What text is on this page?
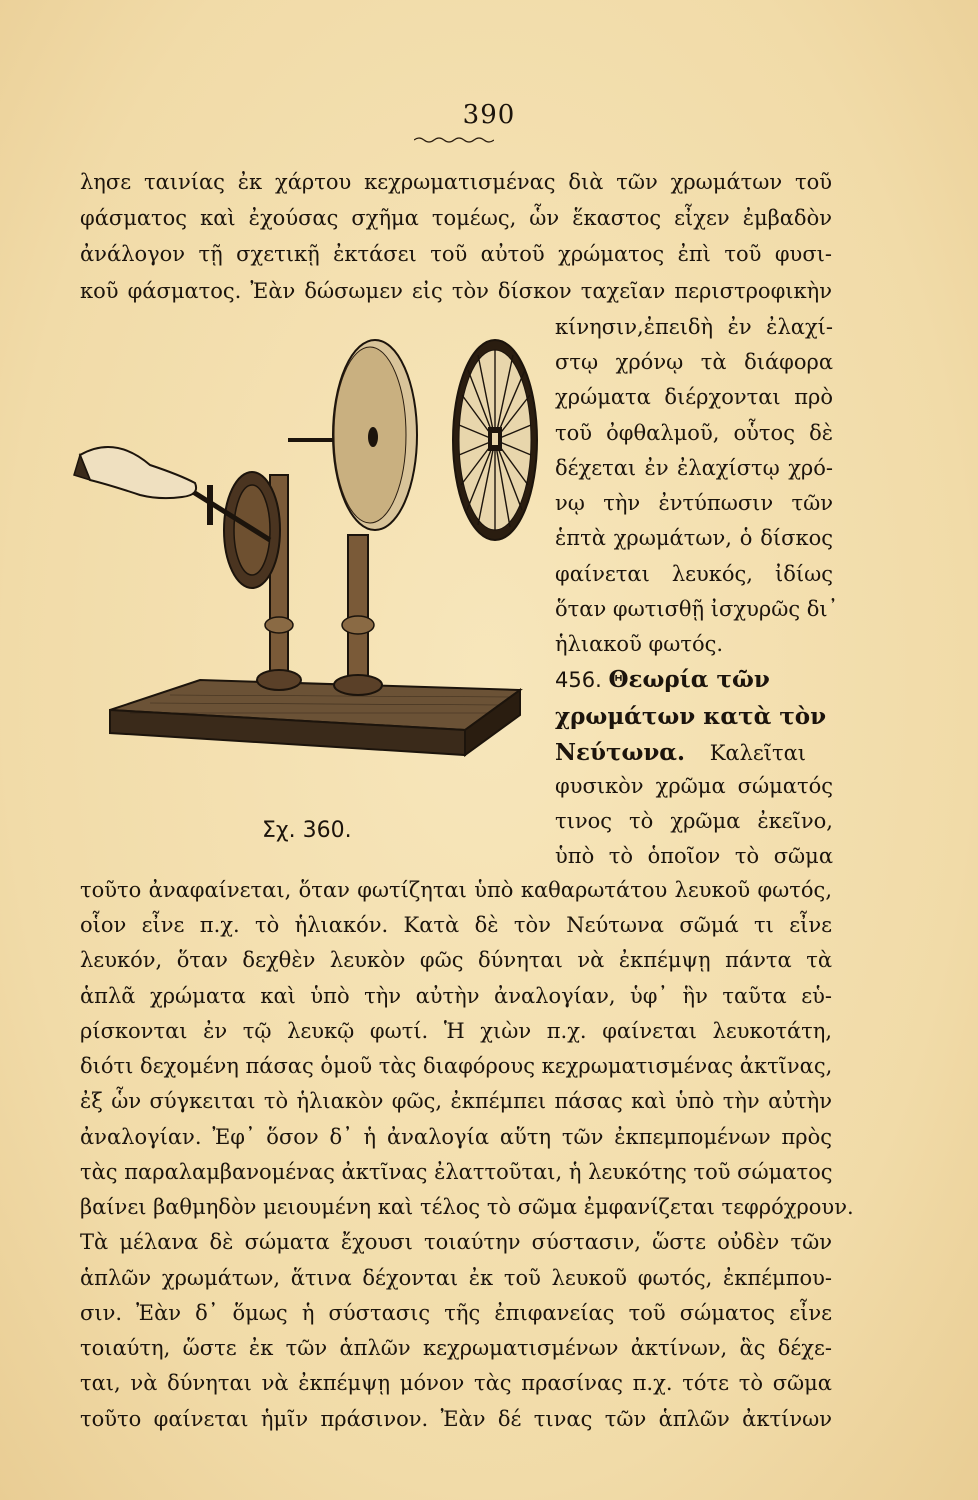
390
λησε ταινίας ἐκ χάρτου κεχρωματισμένας διὰ τῶν χρωμάτων τοῦ
φάσματος καὶ ἐχούσας σχῆμα τομέως, ὧν ἕκαστος εἶχεν ἐμβαδὸν
ἀνάλογον τῇ σχετικῇ ἐκτάσει τοῦ αὐτοῦ χρώματος ἐπὶ τοῦ φυσι-
κοῦ φάσματος. Ἐὰν δώσωμεν εἰς τὸν δίσκον ταχεῖαν περιστροφικὴν
κίνησιν,ἐπειδὴ ἐν ἐλαχί-
στῳ χρόνῳ τὰ διάφορα
χρώματα διέρχονται πρὸ
τοῦ ὀφθαλμοῦ, οὗτος δὲ
δέχεται ἐν ἐλαχίστῳ χρό-
νῳ τὴν ἐντύπωσιν τῶν
ἑπτὰ χρωμάτων, ὁ δίσκος
φαίνεται λευκός, ἰδίως
ὅταν φωτισθῇ ἰσχυρῶς δι᾽
ἡλιακοῦ φωτός.
456. Θεωρία τῶν
χρωμάτων κατὰ τὸν
Νεύτωνα. Καλεῖται
φυσικὸν χρῶμα σώματός
τινος τὸ χρῶμα ἐκεῖνο,
ὑπὸ τὸ ὁποῖον τὸ σῶμα
Σχ. 360.
τοῦτο ἀναφαίνεται, ὅταν φωτίζηται ὑπὸ καθαρωτάτου λευκοῦ φωτός,
οἷον εἶνε π.χ. τὸ ἡλιακόν. Κατὰ δὲ τὸν Νεύτωνα σῶμά τι εἶνε
λευκόν, ὅταν δεχθὲν λευκὸν φῶς δύνηται νὰ ἐκπέμψῃ πάντα τὰ
ἁπλᾶ χρώματα καὶ ὑπὸ τὴν αὐτὴν ἀναλογίαν, ὑφ᾽ ἣν ταῦτα εὑ-
ρίσκονται ἐν τῷ λευκῷ φωτί. Ἡ χιὼν π.χ. φαίνεται λευκοτάτη,
διότι δεχομένη πάσας ὁμοῦ τὰς διαφόρους κεχρωματισμένας ἀκτῖνας,
ἐξ ὧν σύγκειται τὸ ἡλιακὸν φῶς, ἐκπέμπει πάσας καὶ ὑπὸ τὴν αὐτὴν
ἀναλογίαν. Ἐφ᾽ ὅσον δ᾽ ἡ ἀναλογία αὕτη τῶν ἐκπεμπομένων πρὸς
τὰς παραλαμβανομένας ἀκτῖνας ἐλαττοῦται, ἡ λευκότης τοῦ σώματος
βαίνει βαθμηδὸν μειουμένη καὶ τέλος τὸ σῶμα ἐμφανίζεται τεφρόχρουν.
Τὰ μέλανα δὲ σώματα ἔχουσι τοιαύτην σύστασιν, ὥστε οὐδὲν τῶν
ἁπλῶν χρωμάτων, ἅτινα δέχονται ἐκ τοῦ λευκοῦ φωτός, ἐκπέμπου-
σιν. Ἐὰν δ᾽ ὅμως ἡ σύστασις τῆς ἐπιφανείας τοῦ σώματος εἶνε
τοιαύτη, ὥστε ἐκ τῶν ἁπλῶν κεχρωματισμένων ἀκτίνων, ἃς δέχε-
ται, νὰ δύνηται νὰ ἐκπέμψῃ μόνον τὰς πρασίνας π.χ. τότε τὸ σῶμα
τοῦτο φαίνεται ἡμῖν πράσινον. Ἐὰν δέ τινας τῶν ἁπλῶν ἀκτίνων
